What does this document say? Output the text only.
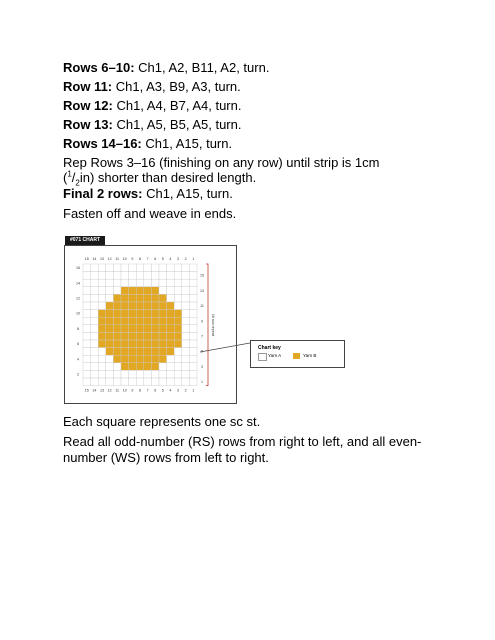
Rows 6–10: Ch1, A2, B11, A2, turn.
Row 11: Ch1, A3, B9, A3, turn.
Row 12: Ch1, A4, B7, A4, turn.
Row 13: Ch1, A5, B5, A5, turn.
Rows 14–16: Ch1, A15, turn.
Rep Rows 3–16 (finishing on any row) until strip is 1cm $(^1/_2in)$ shorter than desired length.
Final 2 rows: Ch1, A15, turn.
Fasten off and weave in ends.
#071 CHART
15 14 13 12 11 10 9 8 7 6 5 4 3 2 1
15 14 13 12 11 10 9 8 7 6 5 4 3 2 1
16
14
12
10
8
6
4
2
15
13
11
9
7
3
1
16 row repeat
Chart key
Yarn A	Yarn B
Each square represents one sc st.
Read all odd-number (RS) rows from right to left, and all even-number (WS) rows from left to right.
